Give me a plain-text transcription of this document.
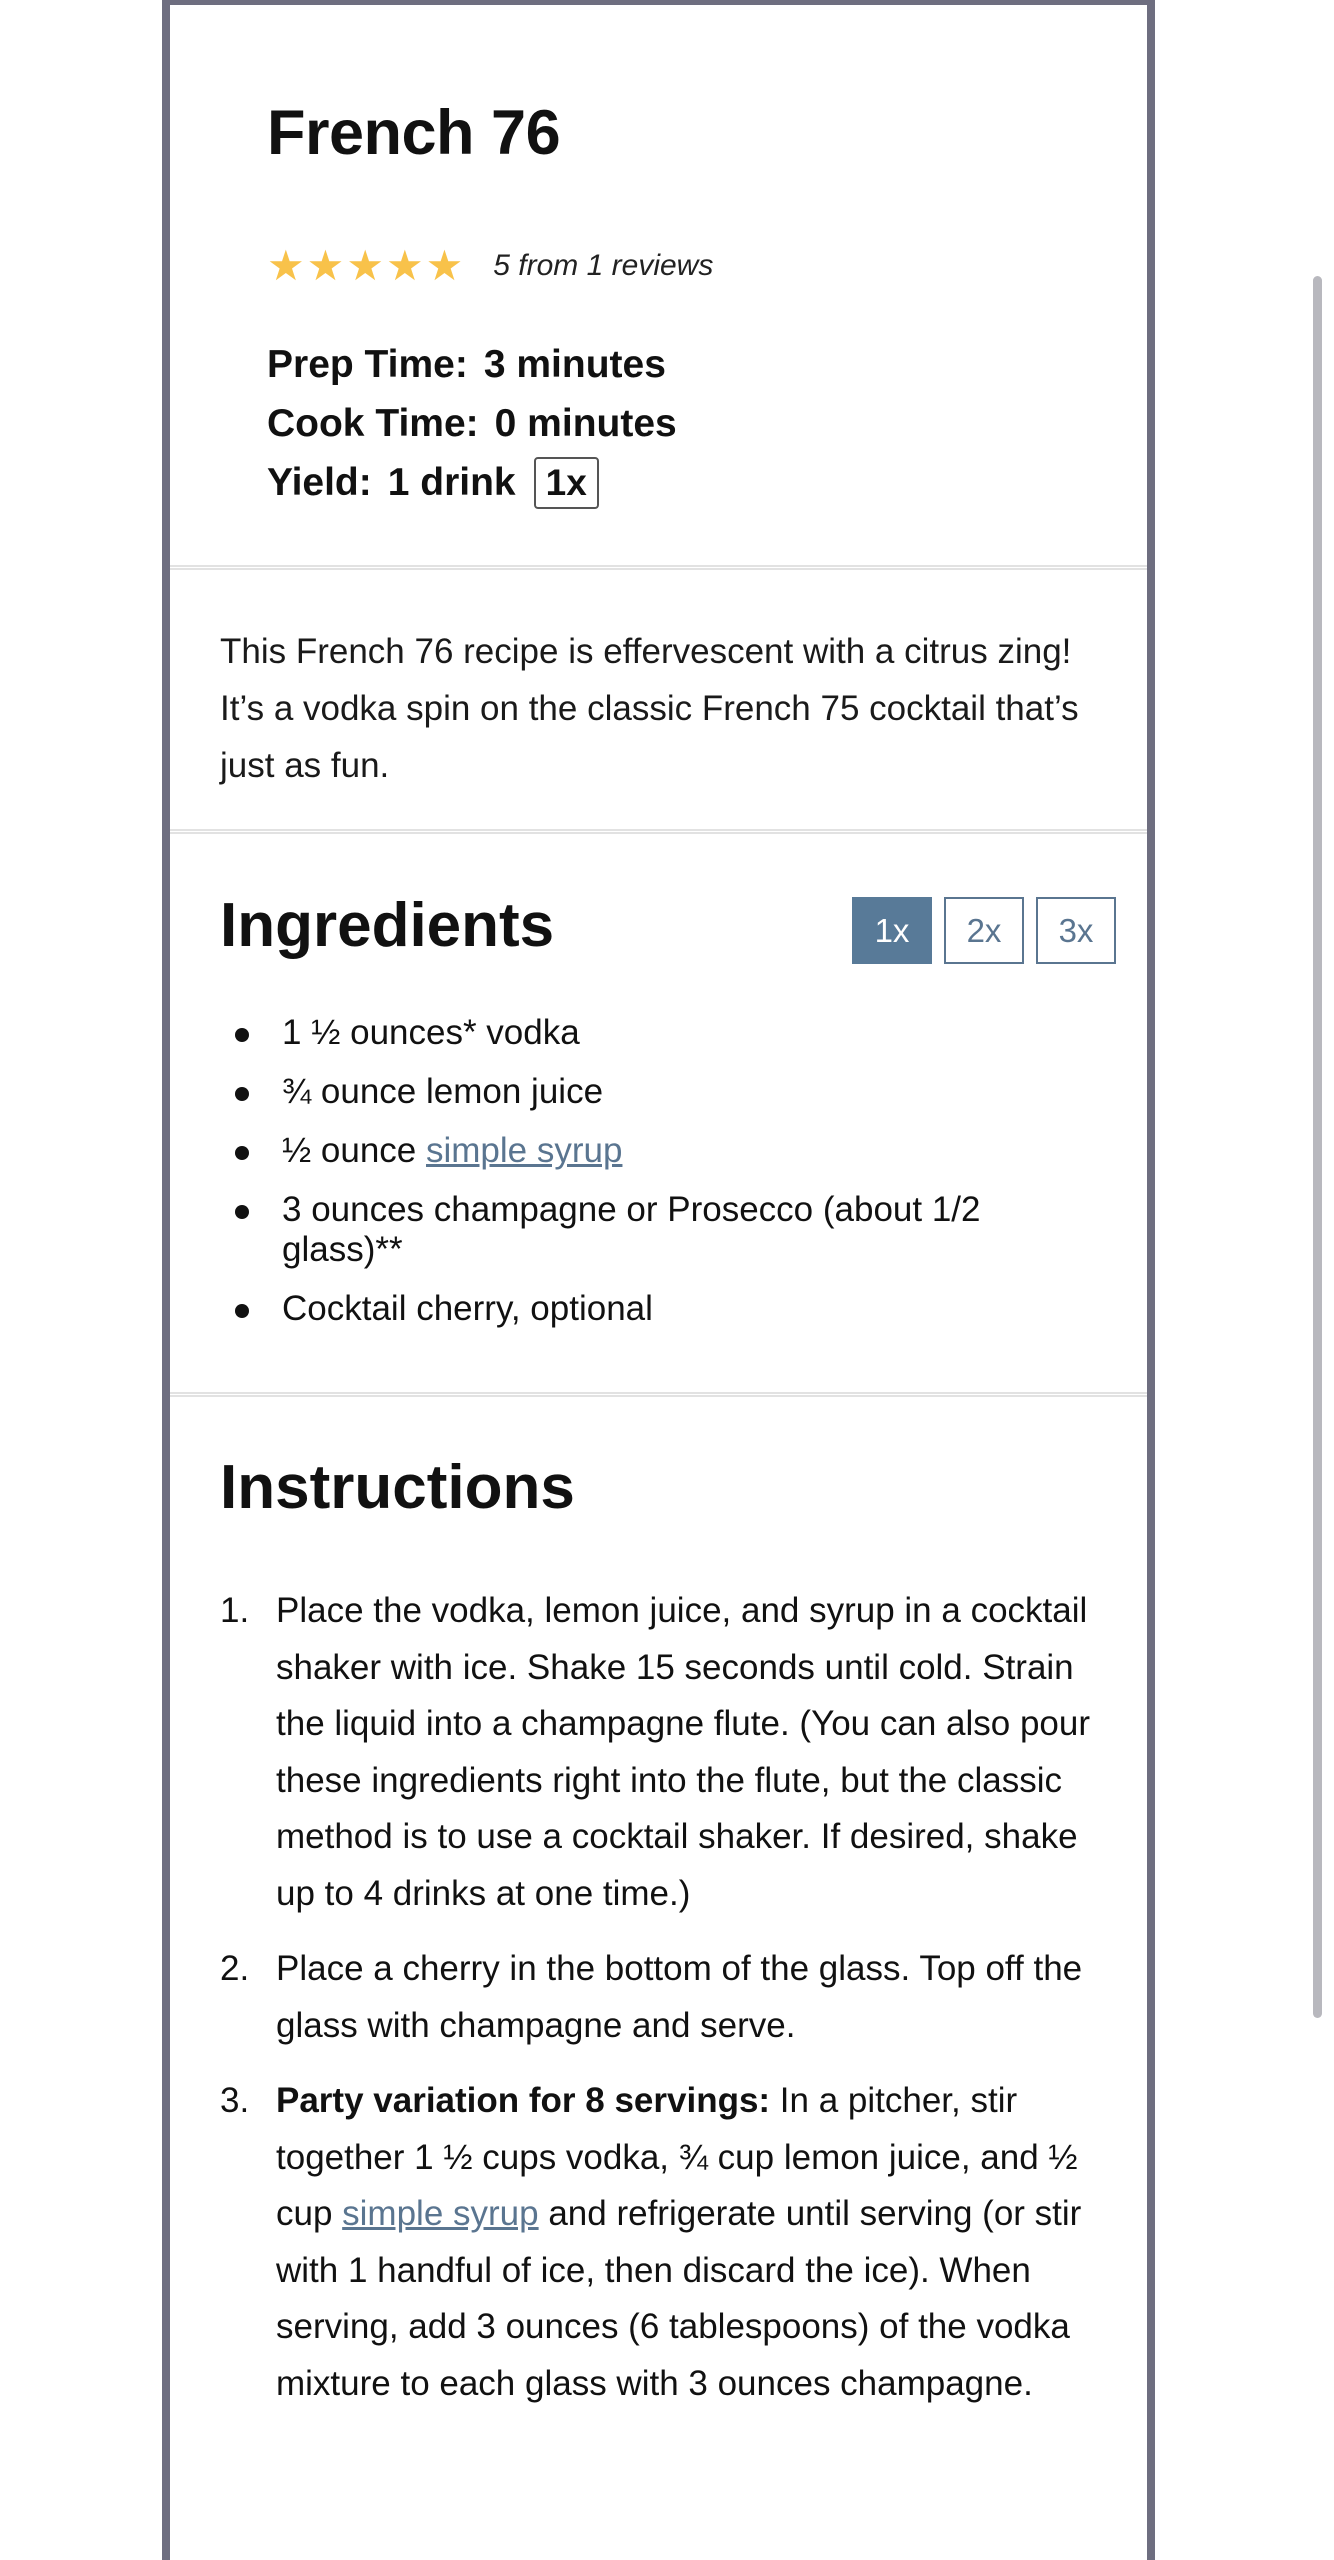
French 76
★ ★ ★ ★ ★ 5 from 1 reviews
Prep Time: 3 minutes
Cook Time: 0 minutes
Yield: 1 drink 1x

This French 76 recipe is effervescent with a citrus zing! It’s a vodka spin on the classic French 75 cocktail that’s just as fun.

Ingredients	1x	2x	3x
1 ½ ounces* vodka
¾ ounce lemon juice
½ ounce simple syrup
3 ounces champagne or Prosecco (about 1/2 glass)**
Cocktail cherry, optional
Instructions
1. Place the vodka, lemon juice, and syrup in a cocktail shaker with ice. Shake 15 seconds until cold. Strain the liquid into a champagne flute. (You can also pour these ingredients right into the flute, but the classic method is to use a cocktail shaker. If desired, shake up to 4 drinks at one time.)
2. Place a cherry in the bottom of the glass. Top off the glass with champagne and serve.
3. Party variation for 8 servings: In a pitcher, stir together 1 ½ cups vodka, ¾ cup lemon juice, and ½ cup simple syrup and refrigerate until serving (or stir with 1 handful of ice, then discard the ice). When serving, add 3 ounces (6 tablespoons) of the vodka mixture to each glass with 3 ounces champagne.
